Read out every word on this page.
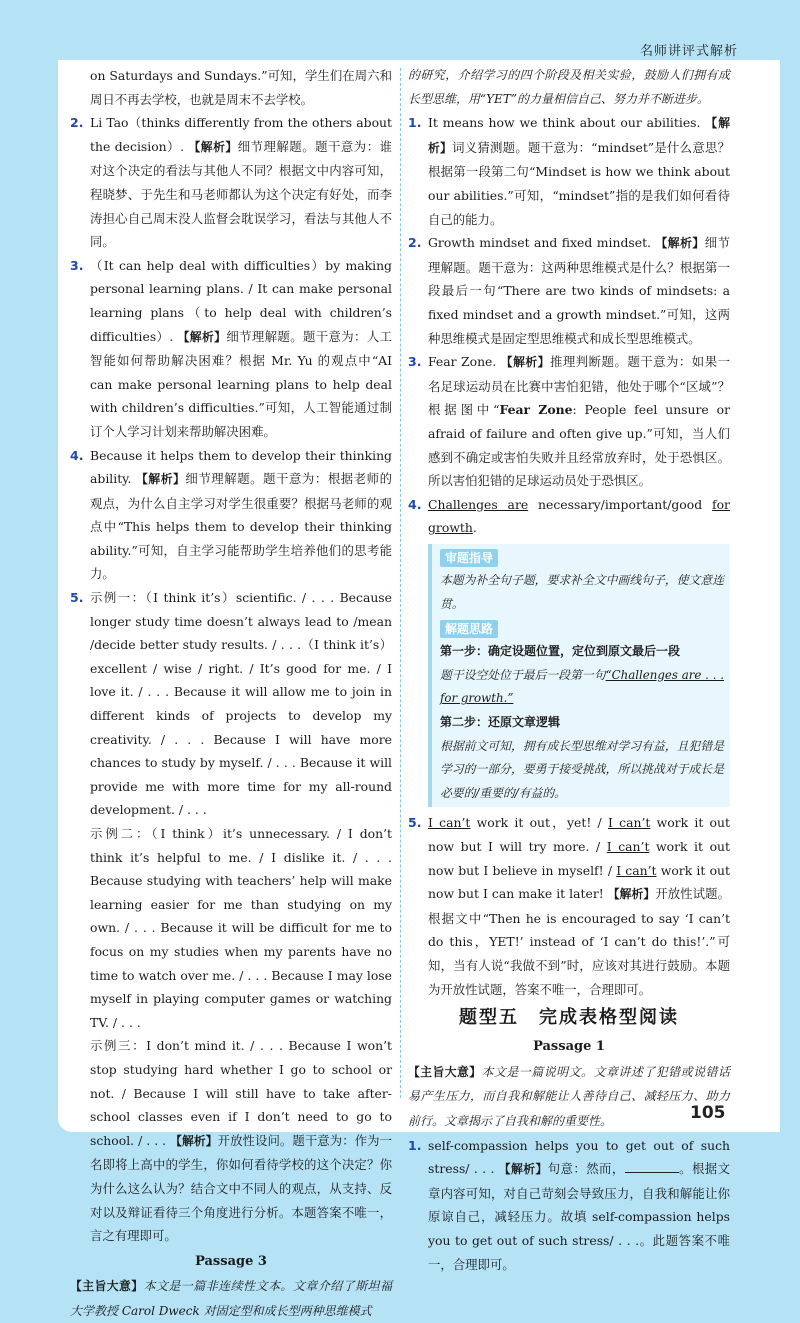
名师讲评式解析

on Saturdays and Sundays.”可知，学生们在周六和周日不再去学校，也就是周末不去学校。

2. Li Tao（thinks differently from the others about the decision）. 【解析】细节理解题。题干意为：谁对这个决定的看法与其他人不同？根据文中内容可知，程晓梦、于先生和马老师都认为这个决定有好处，而李涛担心自己周末没人监督会耽误学习，看法与其他人不同。
3. （It can help deal with difficulties）by making personal learning plans. / It can make personal learning plans（to help deal with children’s difficulties）. 【解析】细节理解题。题干意为：人工智能如何帮助解决困难？根据 Mr. Yu 的观点中“AI can make personal learning plans to help deal with children’s difficulties.”可知，人工智能通过制订个人学习计划来帮助解决困难。
4. Because it helps them to develop their thinking ability. 【解析】细节理解题。题干意为：根据老师的观点，为什么自主学习对学生很重要？根据马老师的观点中“This helps them to develop their thinking ability.”可知，自主学习能帮助学生培养他们的思考能力。
5. 示例一：（I think it’s）scientific. / . . . Because longer study time doesn’t always lead to /mean /decide better study results. / . . .（I think it’s）excellent / wise / right. / It’s good for me. / I love it. / . . . Because it will allow me to join in different kinds of projects to develop my creativity. / . . . Because I will have more chances to study by myself. / . . . Because it will provide me with more time for my all-round development. / . . .

示例二：（I think）it’s unnecessary. / I don’t think it’s helpful to me. / I dislike it. / . . . Because studying with teachers’ help will make learning easier for me than studying on my own. / . . . Because it will be difficult for me to focus on my studies when my parents have no time to watch over me. / . . . Because I may lose myself in playing computer games or watching TV. / . . .

示例三：I don’t mind it. / . . . Because I won’t stop studying hard whether I go to school or not. / Because I will still have to take after-school classes even if I don’t need to go to school. / . . . 【解析】开放性设问。题干意为：作为一名即将上高中的学生，你如何看待学校的这个决定？你为什么这么认为？结合文中不同人的观点，从支持、反对以及辩证看待三个角度进行分析。本题答案不唯一，言之有理即可。

Passage 3

【主旨大意】本文是一篇非连续性文本。文章介绍了斯坦福大学教授 Carol Dweck 对固定型和成长型两种思维模式

的研究，介绍学习的四个阶段及相关实验，鼓励人们拥有成长型思维，用“YET”的力量相信自己、努力并不断进步。

1. It means how we think about our abilities. 【解析】词义猜测题。题干意为：“mindset”是什么意思？根据第一段第二句“Mindset is how we think about our abilities.”可知，“mindset”指的是我们如何看待自己的能力。
2. Growth mindset and fixed mindset. 【解析】细节理解题。题干意为：这两种思维模式是什么？根据第一段最后一句“There are two kinds of mindsets: a fixed mindset and a growth mindset.”可知，这两种思维模式是固定型思维模式和成长型思维模式。
3. Fear Zone. 【解析】推理判断题。题干意为：如果一名足球运动员在比赛中害怕犯错，他处于哪个“区域”？根据图中“Fear Zone: People feel unsure or afraid of failure and often give up.”可知，当人们感到不确定或害怕失败并且经常放弃时，处于恐惧区。所以害怕犯错的足球运动员处于恐惧区。
4. Challenges are necessary/important/good for growth.
审题指导

本题为补全句子题，要求补全文中画线句子，使文意连贯。

解题思路

第一步：确定设题位置，定位到原文最后一段

题干设空处位于最后一段第一句“Challenges are . . . for growth.”

第二步：还原文章逻辑

根据前文可知，拥有成长型思维对学习有益，且犯错是学习的一部分，要勇于接受挑战，所以挑战对于成长是必要的/重要的/有益的。

5. I can’t work it out，yet! / I can’t work it out now but I will try more. / I can’t work it out now but I believe in myself! / I can’t work it out now but I can make it later! 【解析】开放性试题。根据文中“Then he is encouraged to say ‘I can’t do this，YET!’ instead of ‘I can’t do this!’.”可知，当有人说“我做不到”时，应该对其进行鼓励。本题为开放性试题，答案不唯一，合理即可。

题型五　完成表格型阅读

Passage 1

【主旨大意】本文是一篇说明文。文章讲述了犯错或说错话易产生压力，而自我和解能让人善待自己、减轻压力、助力前行。文章揭示了自我和解的重要性。

1. self-compassion helps you to get out of such stress/ . . . 【解析】句意：然而，	。根据文章内容可知，对自己苛刻会导致压力，自我和解能让你原谅自己，减轻压力。故填 self-compassion helps you to get out of such stress/ . . .。此题答案不唯一，合理即可。
105
